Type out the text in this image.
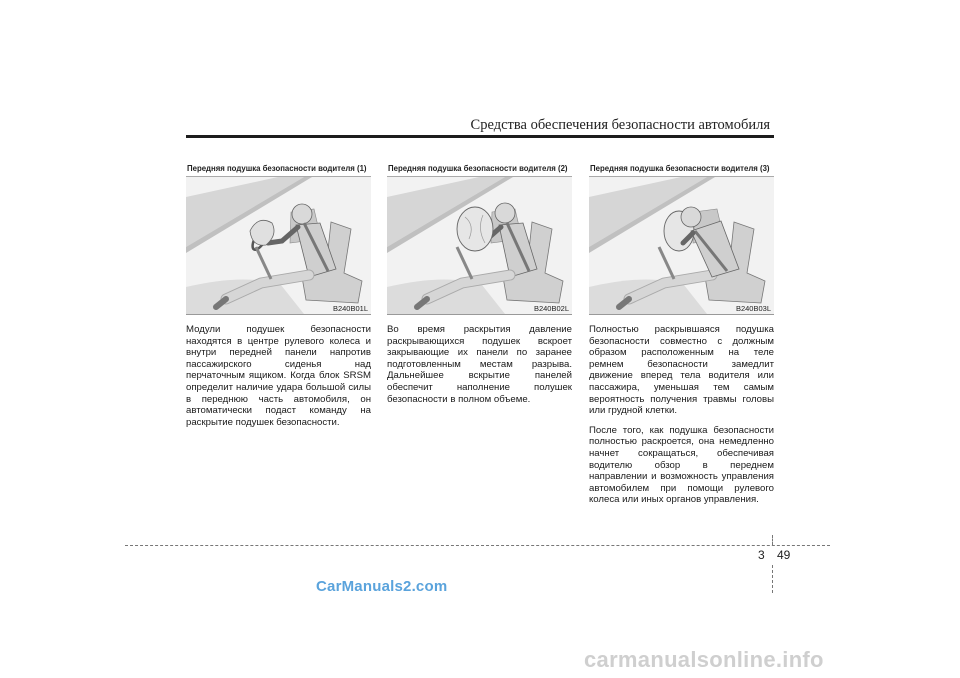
Средства обеспечения безопасности автомобиля
Передняя подушка безопасности водителя (1)
B240B01L

Модули подушек безопасности находятся в центре рулевого колеса и внутри передней панели напротив пассажирского сиденья над перчаточным ящиком. Когда блок SRSM определит наличие удара большой силы в переднюю часть автомобиля, он автоматически подаст команду на раскрытие подушек безопасности.

Передняя подушка безопасности водителя (2)
B240B02L

Во время раскрытия давление раскрывающихся подушек вскроет закрывающие их панели по заранее подготовленным местам разрыва. Дальнейшее вскрытие панелей обеспечит наполнение полушек безопасности в полном объеме.

Передняя подушка безопасности водителя (3)
B240B03L

Полностью раскрывшаяся подушка безопасности совместно с должным образом расположенным на теле ремнем безопасности замедлит движение вперед тела водителя или пассажира, уменьшая тем самым вероятность получения травмы головы или грудной клетки.

После того, как подушка безопасности полностью раскроется, она немедленно начнет сокращаться, обеспечивая водителю обзор в переднем направлении и возможность управления автомобилем при помощи рулевого колеса или иных органов управления.

3 49
CarManuals2.com
carmanualsonline.info
